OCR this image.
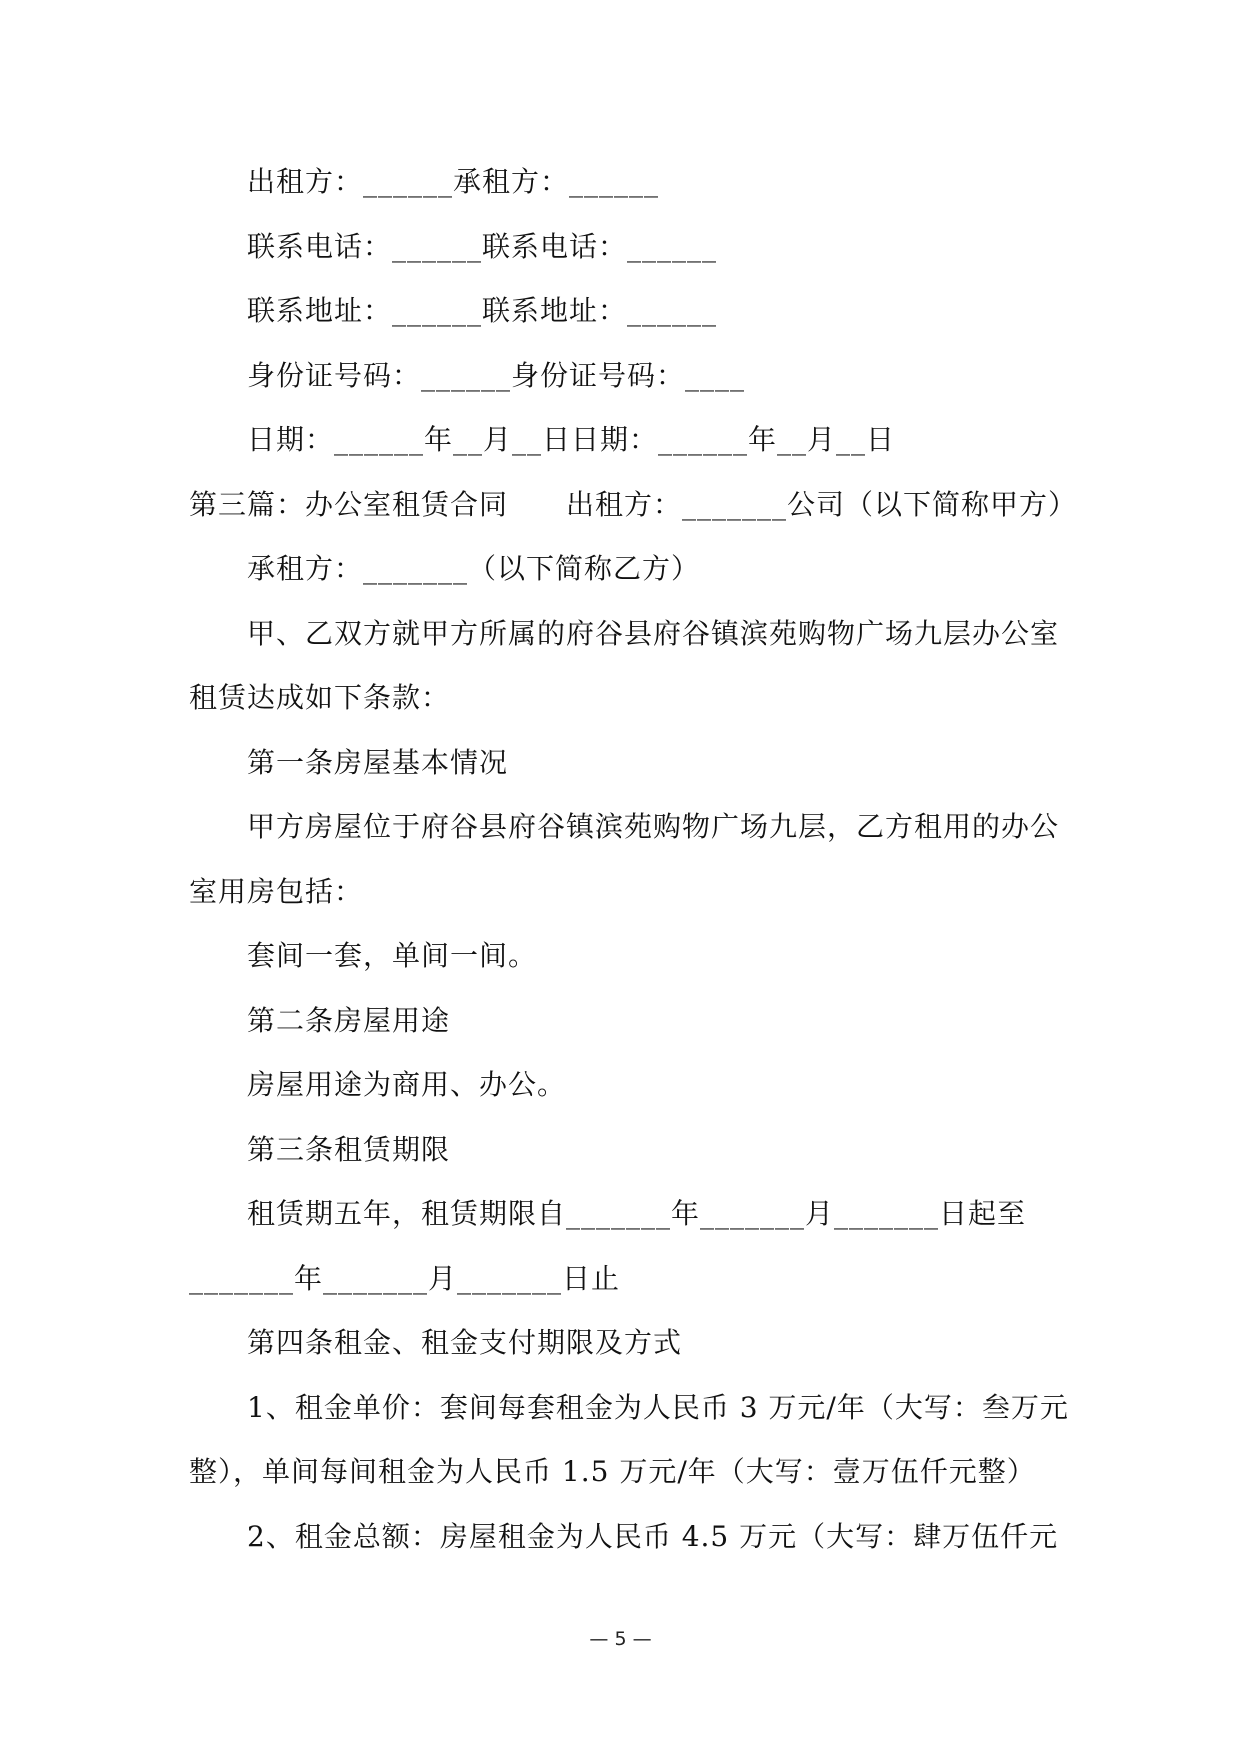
出租方：______承租方：______
联系电话：______联系电话：______
联系地址：______联系地址：______
身份证号码：______身份证号码：____
日期：______年__月__日日期：______年__月__日
第三篇：办公室租赁合同　　出租方：_______公司（以下简称甲方）
承租方：_______（以下简称乙方）
甲、乙双方就甲方所属的府谷县府谷镇滨苑购物广场九层办公室
租赁达成如下条款：
第一条房屋基本情况
甲方房屋位于府谷县府谷镇滨苑购物广场九层，乙方租用的办公
室用房包括：
套间一套，单间一间。
第二条房屋用途
房屋用途为商用、办公。
第三条租赁期限
租赁期五年，租赁期限自_______年_______月_______日起至
_______年_______月_______日止
第四条租金、租金支付期限及方式
1、租金单价：套间每套租金为人民币 3 万元/年（大写：叁万元
整），单间每间租金为人民币 1.5 万元/年（大写：壹万伍仟元整）
2、租金总额：房屋租金为人民币 4.5 万元（大写：肆万伍仟元
— 5 —
